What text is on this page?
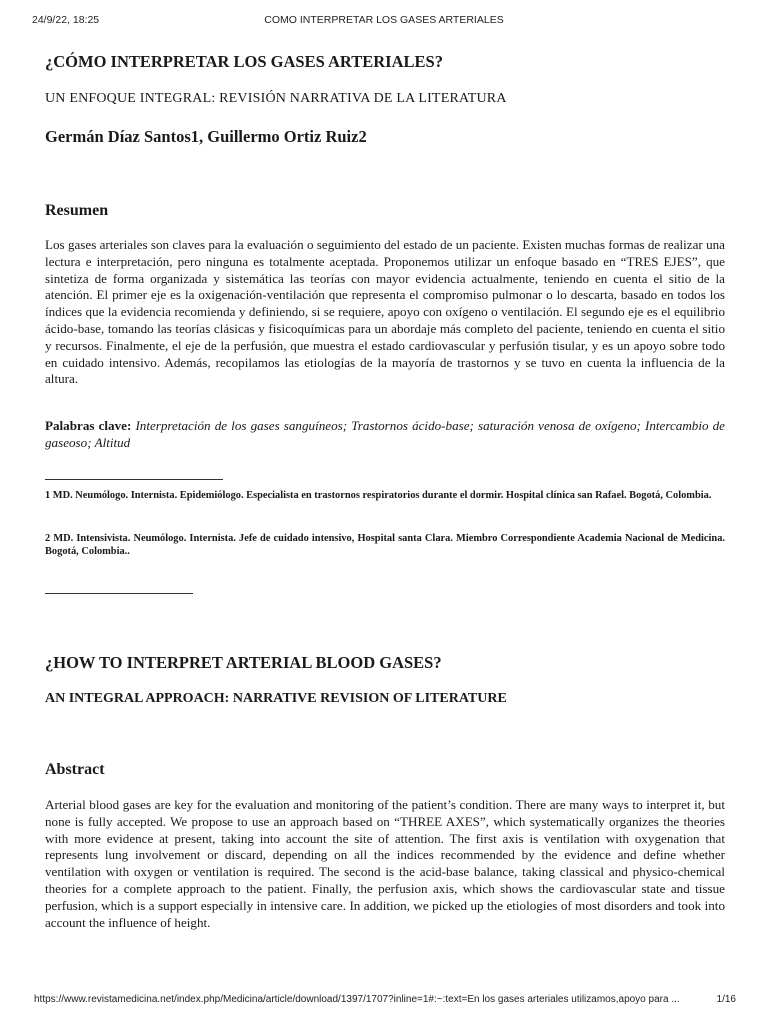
24/9/22, 18:25	COMO INTERPRETAR LOS GASES ARTERIALES
¿CÓMO INTERPRETAR LOS GASES ARTERIALES?
UN ENFOQUE INTEGRAL: REVISIÓN NARRATIVA DE LA LITERATURA
Germán Díaz Santos1, Guillermo Ortiz Ruiz2
Resumen

Los gases arteriales son claves para la evaluación o seguimiento del estado de un paciente. Existen muchas formas de realizar una lectura e interpretación, pero ninguna es totalmente aceptada. Proponemos utilizar un enfoque basado en “TRES EJES”, que sintetiza de forma organizada y sistemática las teorías con mayor evidencia actualmente, teniendo en cuenta el sitio de la atención. El primer eje es la oxigenación-ventilación que representa el compromiso pulmonar o lo descarta, basado en todos los índices que la evidencia recomienda y definiendo, si se requiere, apoyo con oxígeno o ventilación. El segundo eje es el equilibrio ácido-base, tomando las teorías clásicas y fisicoquímicas para un abordaje más completo del paciente, teniendo en cuenta el sitio y recursos. Finalmente, el eje de la perfusión, que muestra el estado cardiovascular y perfusión tisular, y es un apoyo sobre todo en cuidado intensivo. Además, recopilamos las etiologías de la mayoría de trastornos y se tuvo en cuenta la influencia de la altura.

Palabras clave: Interpretación de los gases sanguíneos; Trastornos ácido-base; saturación venosa de oxígeno; Intercambio de gaseoso; Altitud

1 MD. Neumólogo. Internista. Epidemiólogo. Especialista en trastornos respiratorios durante el dormir. Hospital clínica san Rafael. Bogotá, Colombia.

2 MD. Intensivista. Neumólogo. Internista. Jefe de cuidado intensivo, Hospital santa Clara. Miembro Correspondiente Academia Nacional de Medicina. Bogotá, Colombia..

¿HOW TO INTERPRET ARTERIAL BLOOD GASES?
AN INTEGRAL APPROACH: NARRATIVE REVISION OF LITERATURE
Abstract

Arterial blood gases are key for the evaluation and monitoring of the patient’s condition. There are many ways to interpret it, but none is fully accepted. We propose to use an approach based on “THREE AXES”, which systematically organizes the theories with more evidence at present, taking into account the site of attention. The first axis is ventilation with oxygenation that represents lung involvement or discard, depending on all the indices recommended by the evidence and define whether ventilation with oxygen or ventilation is required. The second is the acid-base balance, taking classical and physico-chemical theories for a complete approach to the patient. Finally, the perfusion axis, which shows the cardiovascular state and tissue perfusion, which is a support especially in intensive care. In addition, we picked up the etiologies of most disorders and took into account the influence of height.

https://www.revistamedicina.net/index.php/Medicina/article/download/1397/1707?inline=1#:~:text=En los gases arteriales utilizamos,apoyo para ...	1/16
